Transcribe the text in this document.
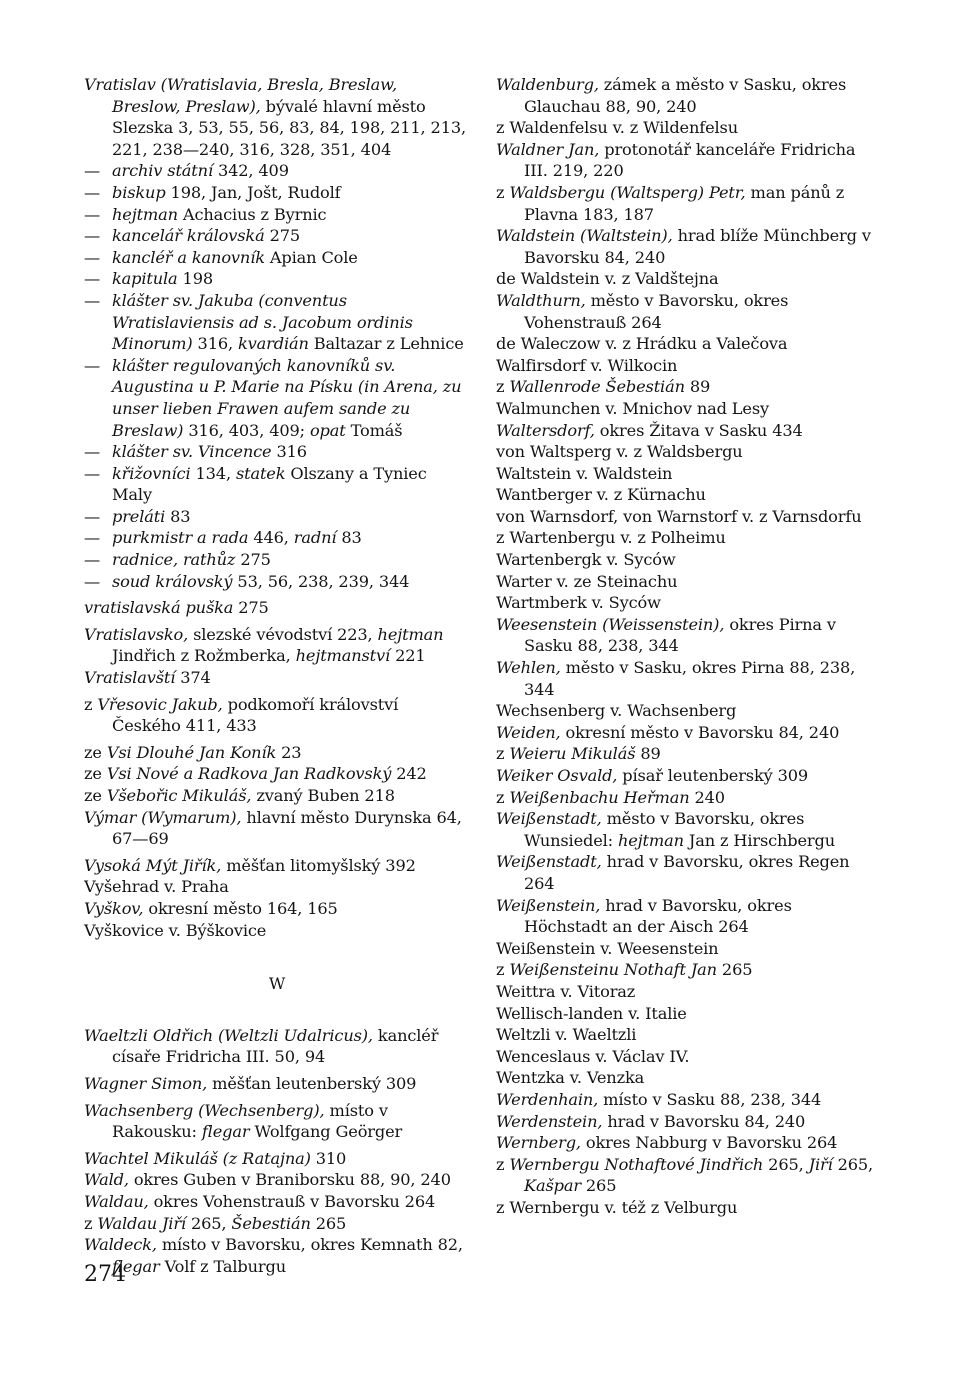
Vratislav (Wratislavia, Bresla, Breslaw, Breslow, Preslaw), bývalé hlavní město Slezska 3, 53, 55, 56, 83, 84, 198, 211, 213, 221, 238—240, 316, 328, 351, 404

—archiv státní 342, 409

—biskup 198, Jan, Jošt, Rudolf

—hejtman Achacius z Byrnic

—kancelář královská 275

—kancléř a kanovník Apian Cole

—kapitula 198

—klášter sv. Jakuba (conventus Wratislaviensis ad s. Jacobum ordinis Minorum) 316, kvardián Baltazar z Lehnice

—klášter regulovaných kanovníků sv. Augustina u P. Marie na Písku (in Arena, zu unser lieben Frawen aufem sande zu Breslaw) 316, 403, 409; opat Tomáš

—klášter sv. Vincence 316

—křižovníci 134, statek Olszany a Tyniec Maly

—preláti 83

—purkmistr a rada 446, radní 83

—radnice, rathůz 275

—soud královský 53, 56, 238, 239, 344

vratislavská puška 275

Vratislavsko, slezské vévodství 223, hejtman Jindřich z Rožmberka, hejtmanství 221

Vratislavští 374

z Vřesovic Jakub, podkomoří království Českého 411, 433

ze Vsi Dlouhé Jan Koník 23

ze Vsi Nové a Radkova Jan Radkovský 242

ze Všebořic Mikuláš, zvaný Buben 218

Výmar (Wymarum), hlavní město Durynska 64, 67—69

Vysoká Mýt Jiřík, měšťan litomyšlský 392

Vyšehrad v. Praha

Vyškov, okresní město 164, 165

Vyškovice v. Býškovice

W

Waeltzli Oldřich (Weltzli Udalricus), kancléř císaře Fridricha III. 50, 94

Wagner Simon, měšťan leutenberský 309

Wachsenberg (Wechsenberg), místo v Rakousku: flegar Wolfgang Geörger

Wachtel Mikuláš (z Ratajna) 310

Wald, okres Guben v Braniborsku 88, 90, 240

Waldau, okres Vohenstrauß v Bavorsku 264

z Waldau Jiří 265, Šebestián 265

Waldeck, místo v Bavorsku, okres Kemnath 82, flegar Volf z Talburgu

Waldenburg, zámek a město v Sasku, okres Glauchau 88, 90, 240

z Waldenfelsu v. z Wildenfelsu

Waldner Jan, protonotář kanceláře Fridricha III. 219, 220

z Waldsbergu (Waltsperg) Petr, man pánů z Plavna 183, 187

Waldstein (Waltstein), hrad blíže Münchberg v Bavorsku 84, 240

de Waldstein v. z Valdštejna

Waldthurn, město v Bavorsku, okres Vohenstrauß 264

de Waleczow v. z Hrádku a Valečova

Walfirsdorf v. Wilkocin

z Wallenrode Šebestián 89

Walmunchen v. Mnichov nad Lesy

Waltersdorf, okres Žitava v Sasku 434

von Waltsperg v. z Waldsbergu

Waltstein v. Waldstein

Wantberger v. z Kürnachu

von Warnsdorf, von Warnstorf v. z Varnsdorfu

z Wartenbergu v. z Polheimu

Wartenbergk v. Syców

Warter v. ze Steinachu

Wartmberk v. Syców

Weesenstein (Weissenstein), okres Pirna v Sasku 88, 238, 344

Wehlen, město v Sasku, okres Pirna 88, 238, 344

Wechsenberg v. Wachsenberg

Weiden, okresní město v Bavorsku 84, 240

z Weieru Mikuláš 89

Weiker Osvald, písař leutenberský 309

z Weißenbachu Heřman 240

Weißenstadt, město v Bavorsku, okres Wunsiedel: hejtman Jan z Hirschbergu

Weißenstadt, hrad v Bavorsku, okres Regen 264

Weißenstein, hrad v Bavorsku, okres Höchstadt an der Aisch 264

Weißenstein v. Weesenstein

z Weißensteinu Nothaft Jan 265

Weittra v. Vitoraz

Wellisch-landen v. Italie

Weltzli v. Waeltzli

Wenceslaus v. Václav IV.

Wentzka v. Venzka

Werdenhain, místo v Sasku 88, 238, 344

Werdenstein, hrad v Bavorsku 84, 240

Wernberg, okres Nabburg v Bavorsku 264

z Wernbergu Nothaftové Jindřich 265, Jiří 265, Kašpar 265

z Wernbergu v. též z Velburgu

274
